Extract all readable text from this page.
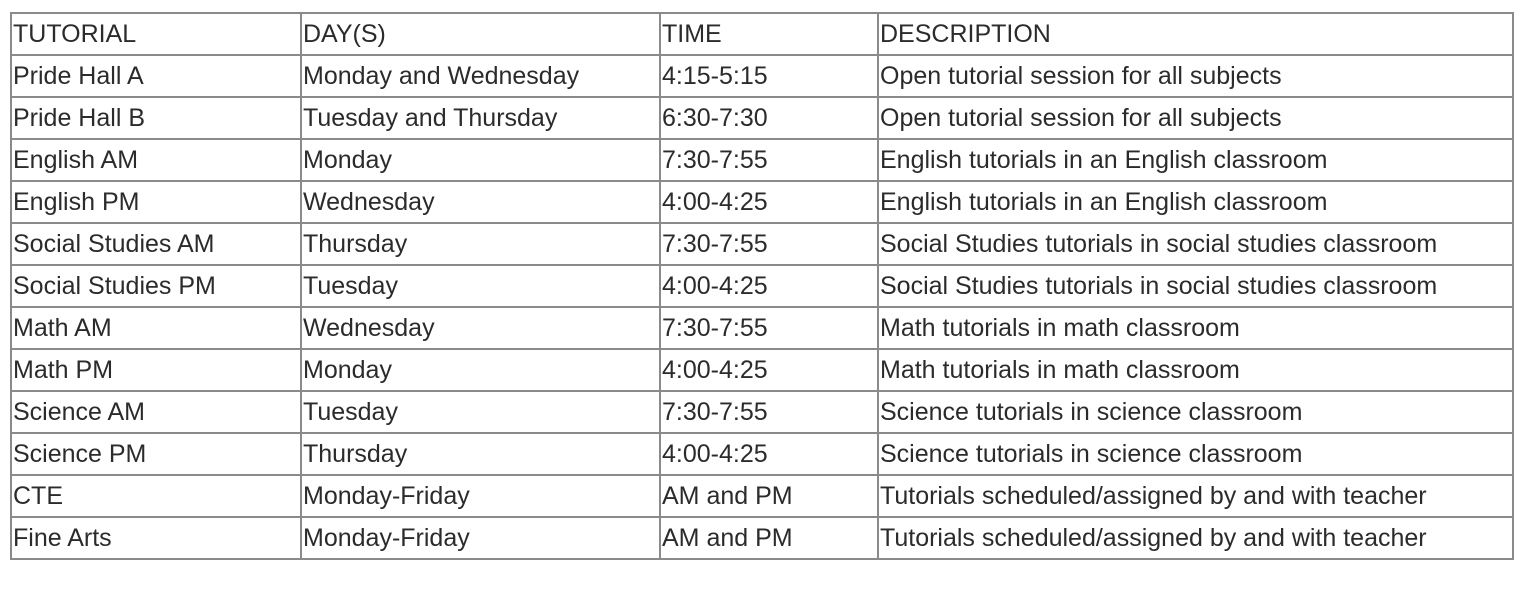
TUTORIAL	DAY(S)	TIME	DESCRIPTION
Pride Hall A	Monday and Wednesday	4:15-5:15	Open tutorial session for all subjects
Pride Hall B	Tuesday and Thursday	6:30-7:30	Open tutorial session for all subjects
English AM	Monday	7:30-7:55	English tutorials in an English classroom
English PM	Wednesday	4:00-4:25	English tutorials in an English classroom
Social Studies AM	Thursday	7:30-7:55	Social Studies tutorials in social studies classroom
Social Studies PM	Tuesday	4:00-4:25	Social Studies tutorials in social studies classroom
Math AM	Wednesday	7:30-7:55	Math tutorials in math classroom
Math PM	Monday	4:00-4:25	Math tutorials in math classroom
Science AM	Tuesday	7:30-7:55	Science tutorials in science classroom
Science PM	Thursday	4:00-4:25	Science tutorials in science classroom
CTE	Monday-Friday	AM and PM	Tutorials scheduled/assigned by and with teacher
Fine Arts	Monday-Friday	AM and PM	Tutorials scheduled/assigned by and with teacher
